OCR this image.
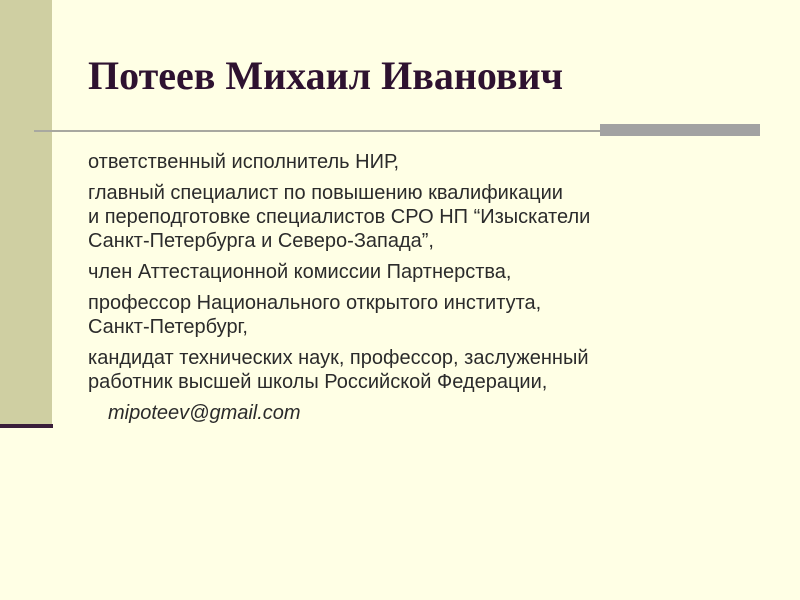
Потеев Михаил Иванович

ответственный исполнитель НИР,

главный специалист по повышению квалификации
и переподготовке специалистов СРО НП “Изыскатели
Санкт-Петербурга и Северо-Запада”,

член Аттестационной комиссии Партнерства,

профессор Национального открытого института,
Санкт-Петербург,

кандидат технических наук, профессор, заслуженный
работник высшей школы Российской Федерации,

mipoteev@gmail.com
